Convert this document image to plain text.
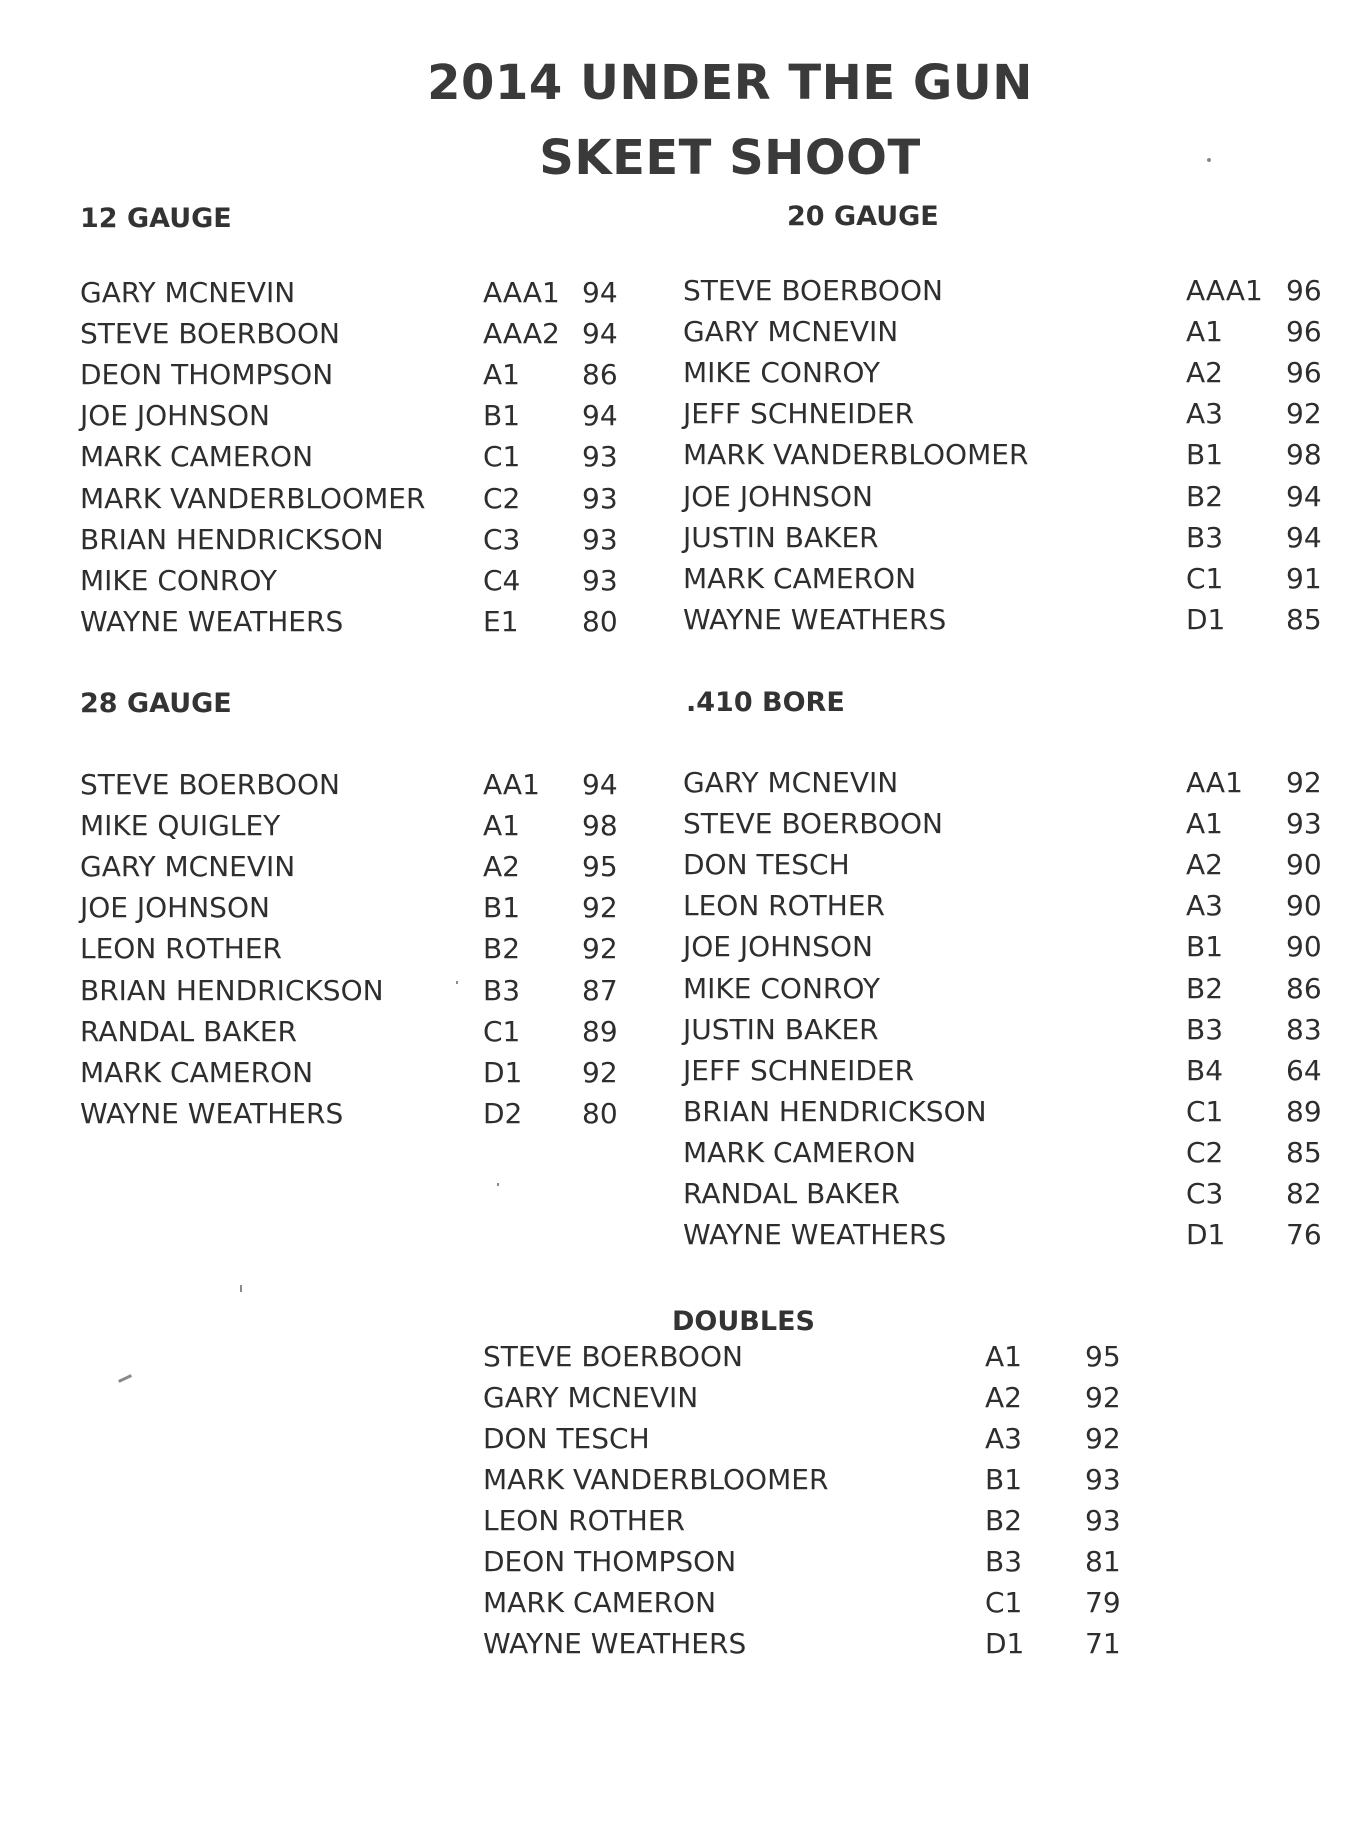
2014 UNDER THE GUN
SKEET SHOOT
12 GAUGE	20 GAUGE
28 GAUGE	.410 BORE
DOUBLES
GARY MCNEVIN	AAA1 94
STEVE BOERBOON	AAA2 94
DEON THOMPSON	A1 86
JOE JOHNSON	B1 94
MARK CAMERON	C1 93
MARK VANDERBLOOMER C2 93
BRIAN HENDRICKSON	C3 93
MIKE CONROY	C4 93
WAYNE WEATHERS	E1 80
STEVE BOERBOON	AAA1 96
GARY MCNEVIN	A1 96
MIKE CONROY	A2 96
JEFF SCHNEIDER	A3 92
MARK VANDERBLOOMER	B1 98
JOE JOHNSON	B2 94
JUSTIN BAKER	B3 94
MARK CAMERON	C1 91
WAYNE WEATHERS	D1 85
STEVE BOERBOON	AA1 94
MIKE QUIGLEY	A1 98
GARY MCNEVIN	A2 95
JOE JOHNSON	B1 92
LEON ROTHER	B2 92
BRIAN HENDRICKSON	B3 87
RANDAL BAKER	C1 89
MARK CAMERON	D1 92
WAYNE WEATHERS	D2 80
GARY MCNEVIN	AA1 92
STEVE BOERBOON	A1 93
DON TESCH	A2 90
LEON ROTHER	A3 90
JOE JOHNSON	B1 90
MIKE CONROY	B2 86
JUSTIN BAKER	B3 83
JEFF SCHNEIDER	B4 64
BRIAN HENDRICKSON	C1 89
MARK CAMERON	C2 85
RANDAL BAKER	C3 82
WAYNE WEATHERS	D1 76
STEVE BOERBOON	A1 95
GARY MCNEVIN	A2 92
DON TESCH	A3 92
MARK VANDERBLOOMER	B1 93
LEON ROTHER	B2 93
DEON THOMPSON	B3 81
MARK CAMERON	C1 79
WAYNE WEATHERS	D1 71
